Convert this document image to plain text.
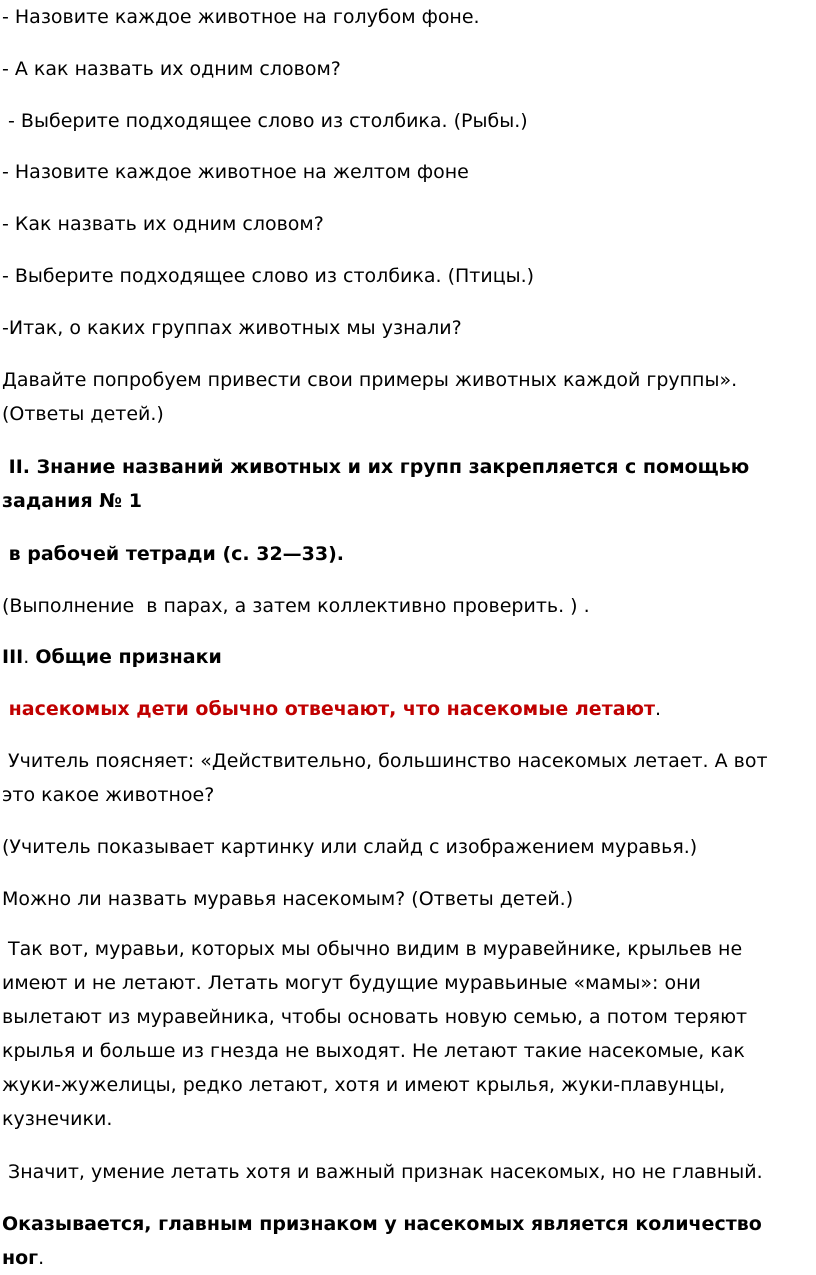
- Назовите каждое животное на голубом фоне.

- А как назвать их одним словом?

- Выберите подходящее слово из столбика. (Рыбы.)

- Назовите каждое животное на желтом фоне

- Как назвать их одним словом?

- Выберите подходящее слово из столбика. (Птицы.)

-Итак, о каких группах животных мы узнали?

Давайте попробуем привести свои примеры животных каждой группы». (Ответы детей.)

II. Знание названий животных и их групп закрепляется с помощью задания № 1

в рабочей тетради (с. 32—33).

(Выполнение  в парах, а затем коллективно проверить. ) .

III. Общие признаки

насекомых дети обычно отвечают, что насекомые летают.

Учитель поясняет: «Действительно, большинство насекомых летает. А вот это какое животное?

(Учитель показывает картинку или слайд с изображением муравья.)

Можно ли назвать муравья насекомым? (Ответы детей.)

Так вот, муравьи, которых мы обычно видим в муравейнике, крыльев не имеют и не летают. Летать могут будущие муравьиные «мамы»: они вылетают из муравейника, чтобы основать новую семью, а потом теряют крылья и больше из гнезда не выходят. Не летают такие насекомые, как жуки-жужелицы, редко летают, хотя и имеют крылья, жуки-плавунцы, кузнечики.

Значит, умение летать хотя и важный признак насекомых, но не главный.

Оказывается, главным признаком у насекомых является количество ног.
